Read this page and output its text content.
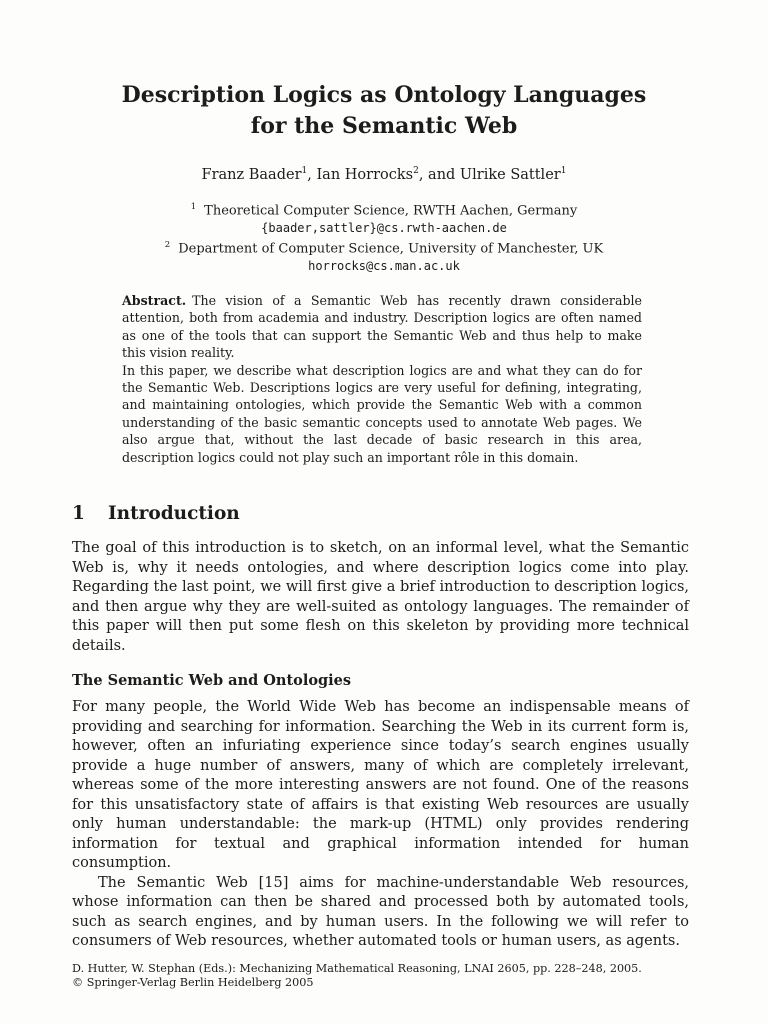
Description Logics as Ontology Languages
for the Semantic Web
Franz Baader$^1$, Ian Horrocks$^2$, and Ulrike Sattler$^1$
$^1$ Theoretical Computer Science, RWTH Aachen, Germany
{baader,sattler}@cs.rwth-aachen.de
$^2$ Department of Computer Science, University of Manchester, UK
horrocks@cs.man.ac.uk

Abstract. The vision of a Semantic Web has recently drawn considerable attention, both from academia and industry. Description logics are often named as one of the tools that can support the Semantic Web and thus help to make this vision reality.

In this paper, we describe what description logics are and what they can do for the Semantic Web. Descriptions logics are very useful for defining, integrating, and maintaining ontologies, which provide the Semantic Web with a common understanding of the basic semantic concepts used to annotate Web pages. We also argue that, without the last decade of basic research in this area, description logics could not play such an important rôle in this domain.

1 Introduction

The goal of this introduction is to sketch, on an informal level, what the Semantic Web is, why it needs ontologies, and where description logics come into play. Regarding the last point, we will first give a brief introduction to description logics, and then argue why they are well-suited as ontology languages. The remainder of this paper will then put some flesh on this skeleton by providing more technical details.

The Semantic Web and Ontologies

For many people, the World Wide Web has become an indispensable means of providing and searching for information. Searching the Web in its current form is, however, often an infuriating experience since today’s search engines usually provide a huge number of answers, many of which are completely irrelevant, whereas some of the more interesting answers are not found. One of the reasons for this unsatisfactory state of affairs is that existing Web resources are usually only human understandable: the mark-up (HTML) only provides rendering information for textual and graphical information intended for human consumption.

The Semantic Web [15] aims for machine-understandable Web resources, whose information can then be shared and processed both by automated tools, such as search engines, and by human users. In the following we will refer to consumers of Web resources, whether automated tools or human users, as agents.

D. Hutter, W. Stephan (Eds.): Mechanizing Mathematical Reasoning, LNAI 2605, pp. 228–248, 2005.
© Springer-Verlag Berlin Heidelberg 2005
